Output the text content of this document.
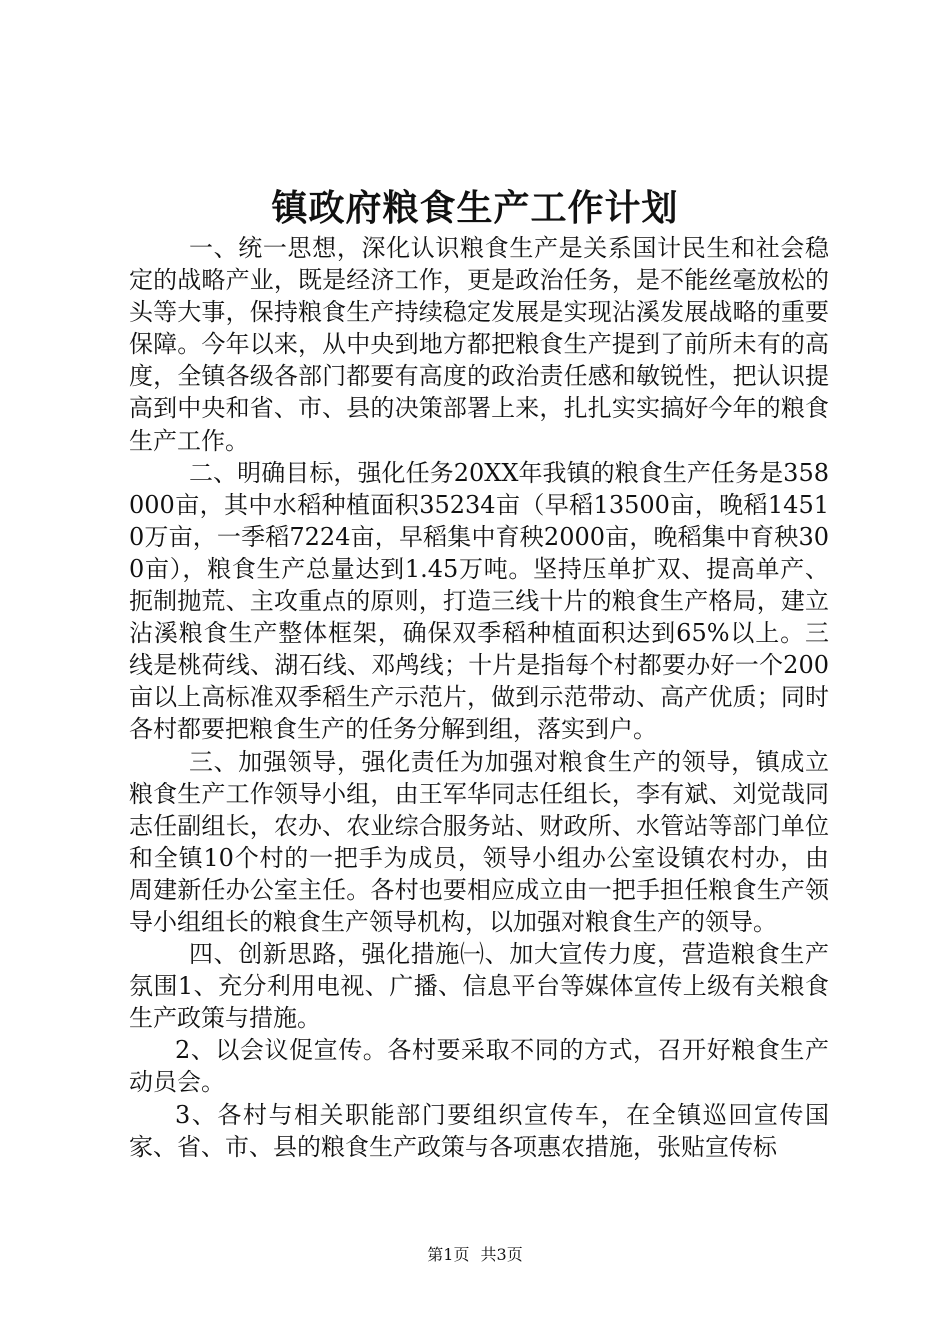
镇政府粮食生产工作计划

一、统一思想，深化认识粮食生产是关系国计民生和社会稳定的战略产业，既是经济工作，更是政治任务，是不能丝毫放松的头等大事，保持粮食生产持续稳定发展是实现沾溪发展战略的重要保障。今年以来，从中央到地方都把粮食生产提到了前所未有的高度，全镇各级各部门都要有高度的政治责任感和敏锐性，把认识提高到中央和省、市、县的决策部署上来，扎扎实实搞好今年的粮食生产工作。

二、明确目标，强化任务20XX年我镇的粮食生产任务是358000亩，其中水稻种植面积35234亩（早稻13500亩，晚稻14510万亩，一季稻7224亩，早稻集中育秧2000亩，晚稻集中育秧300亩），粮食生产总量达到1.45万吨。坚持压单扩双、提高单产、扼制抛荒、主攻重点的原则，打造三线十片的粮食生产格局，建立沾溪粮食生产整体框架，确保双季稻种植面积达到65%以上。三线是桃荷线、湖石线、邓鸬线；十片是指每个村都要办好一个200亩以上高标准双季稻生产示范片，做到示范带动、高产优质；同时各村都要把粮食生产的任务分解到组，落实到户。

三、加强领导，强化责任为加强对粮食生产的领导，镇成立粮食生产工作领导小组，由王军华同志任组长，李有斌、刘觉哉同志任副组长，农办、农业综合服务站、财政所、水管站等部门单位和全镇10个村的一把手为成员，领导小组办公室设镇农村办，由周建新任办公室主任。各村也要相应成立由一把手担任粮食生产领导小组组长的粮食生产领导机构，以加强对粮食生产的领导。

四、创新思路，强化措施㈠、加大宣传力度，营造粮食生产氛围1、充分利用电视、广播、信息平台等媒体宣传上级有关粮食生产政策与措施。

2、以会议促宣传。各村要采取不同的方式，召开好粮食生产动员会。

3、各村与相关职能部门要组织宣传车，在全镇巡回宣传国家、省、市、县的粮食生产政策与各项惠农措施，张贴宣传标

第1页 共3页
